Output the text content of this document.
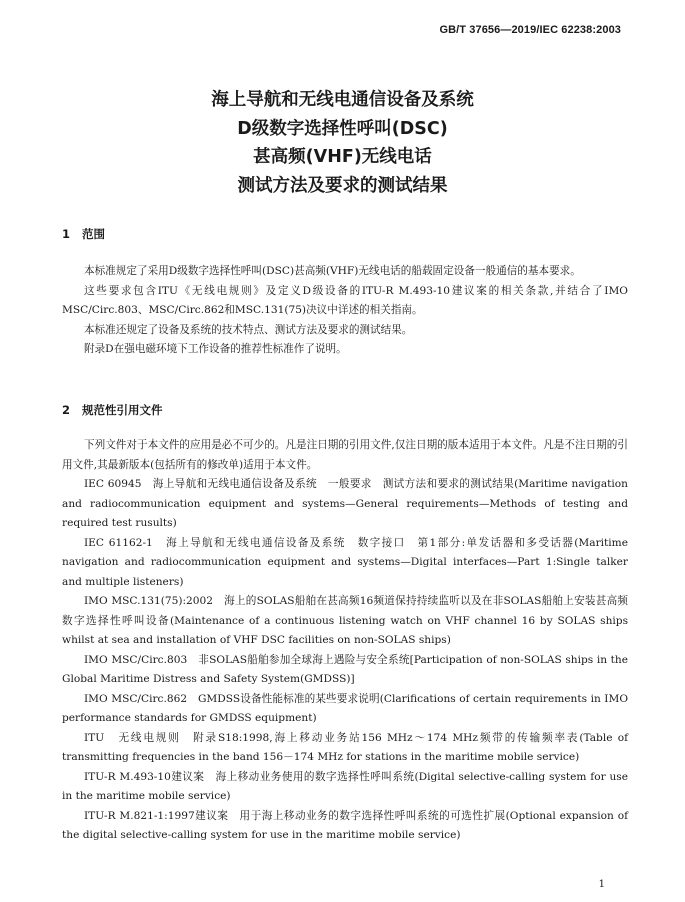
GB/T 37656—2019/IEC 62238:2003
海上导航和无线电通信设备及系统
D级数字选择性呼叫(DSC)
甚高频(VHF)无线电话
测试方法及要求的测试结果
1 范围

本标准规定了采用D级数字选择性呼叫(DSC)甚高频(VHF)无线电话的船载固定设备一般通信的基本要求。

这些要求包含ITU《无线电规则》及定义D级设备的ITU-R M.493-10建议案的相关条款,并结合了IMO MSC/Circ.803、MSC/Circ.862和MSC.131(75)决议中详述的相关指南。

本标准还规定了设备及系统的技术特点、测试方法及要求的测试结果。

附录D在强电磁环境下工作设备的推荐性标准作了说明。

2 规范性引用文件

下列文件对于本文件的应用是必不可少的。凡是注日期的引用文件,仅注日期的版本适用于本文件。凡是不注日期的引用文件,其最新版本(包括所有的修改单)适用于本文件。

IEC 60945　海上导航和无线电通信设备及系统　一般要求　测试方法和要求的测试结果(Maritime navigation and radiocommunication equipment and systems—General requirements—Methods of testing and required test rusults)

IEC 61162-1　海上导航和无线电通信设备及系统　数字接口　第1部分:单发话器和多受话器(Maritime navigation and radiocommunication equipment and systems—Digital interfaces—Part 1:Single talker and multiple listeners)

IMO MSC.131(75):2002　海上的SOLAS船舶在甚高频16频道保持持续监听以及在非SOLAS船舶上安装甚高频数字选择性呼叫设备(Maintenance of a continuous listening watch on VHF channel 16 by SOLAS ships whilst at sea and installation of VHF DSC facilities on non-SOLAS ships)

IMO MSC/Circ.803　非SOLAS船舶参加全球海上遇险与安全系统[Participation of non-SOLAS ships in the Global Maritime Distress and Safety System(GMDSS)]

IMO MSC/Circ.862　GMDSS设备性能标准的某些要求说明(Clarifications of certain requirements in IMO performance standards for GMDSS equipment)

ITU　无线电规则　附录S18:1998,海上移动业务站156 MHz～174 MHz频带的传输频率表(Table of transmitting frequencies in the band 156－174 MHz for stations in the maritime mobile service)

ITU-R M.493-10建议案　海上移动业务使用的数字选择性呼叫系统(Digital selective-calling system for use in the maritime mobile service)

ITU-R M.821-1:1997建议案　用于海上移动业务的数字选择性呼叫系统的可选性扩展(Optional expansion of the digital selective-calling system for use in the maritime mobile service)

1
